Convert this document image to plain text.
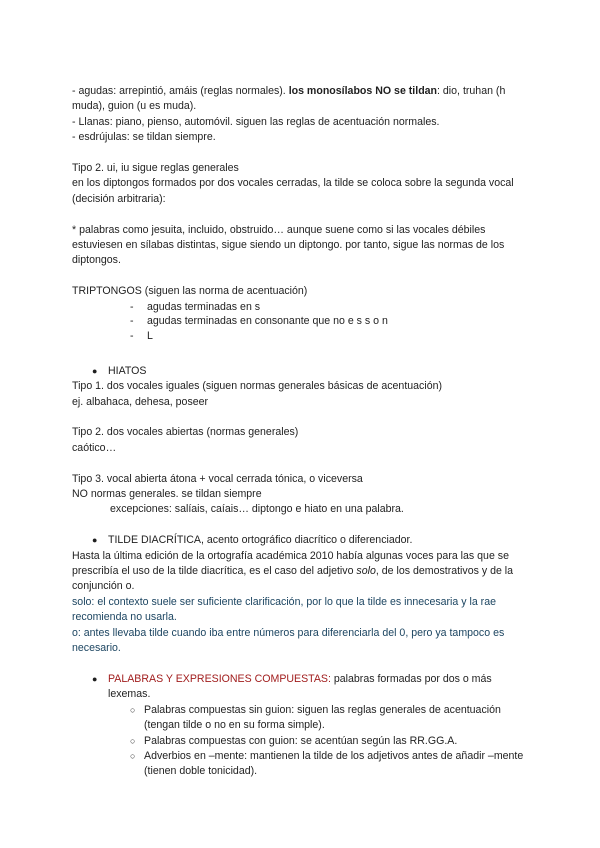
- agudas: arrepintió, amáis (reglas normales). los monosílabos NO se tildan: dio, truhan (h muda), guion (u es muda).

- Llanas: piano, pienso, automóvil. siguen las reglas de acentuación normales.

- esdrújulas: se tildan siempre.

Tipo 2. ui, iu sigue reglas generales

en los diptongos formados por dos vocales cerradas, la tilde se coloca sobre la segunda vocal (decisión arbitraria):

* palabras como jesuita, incluido, obstruido… aunque suene como si las vocales débiles estuviesen en sílabas distintas, sigue siendo un diptongo. por tanto, sigue las normas de los diptongos.

TRIPTONGOS (siguen las norma de acentuación)

- agudas terminadas en s
- agudas terminadas en consonante que no e s s o n
- L
● HIATOS

Tipo 1. dos vocales iguales (siguen normas generales básicas de acentuación)

ej. albahaca, dehesa, poseer

Tipo 2. dos vocales abiertas (normas generales)

caótico…

Tipo 3. vocal abierta átona + vocal cerrada tónica, o viceversa

NO normas generales. se tildan siempre

excepciones: salíais, caíais… diptongo e hiato en una palabra.

● TILDE DIACRÍTICA, acento ortográfico diacrítico o diferenciador.

Hasta la última edición de la ortografía académica 2010 había algunas voces para las que se prescribía el uso de la tilde diacrítica, es el caso del adjetivo solo, de los demostrativos y de la conjunción o.

solo: el contexto suele ser suficiente clarificación, por lo que la tilde es innecesaria y la rae recomienda no usarla.

o: antes llevaba tilde cuando iba entre números para diferenciarla del 0, pero ya tampoco es necesario.

● PALABRAS Y EXPRESIONES COMPUESTAS: palabras formadas por dos o más lexemas.
○ Palabras compuestas sin guion: siguen las reglas generales de acentuación (tengan tilde o no en su forma simple).
○ Palabras compuestas con guion: se acentúan según las RR.GG.A.
○ Adverbios en –mente: mantienen la tilde de los adjetivos antes de añadir –mente (tienen doble tonicidad).
